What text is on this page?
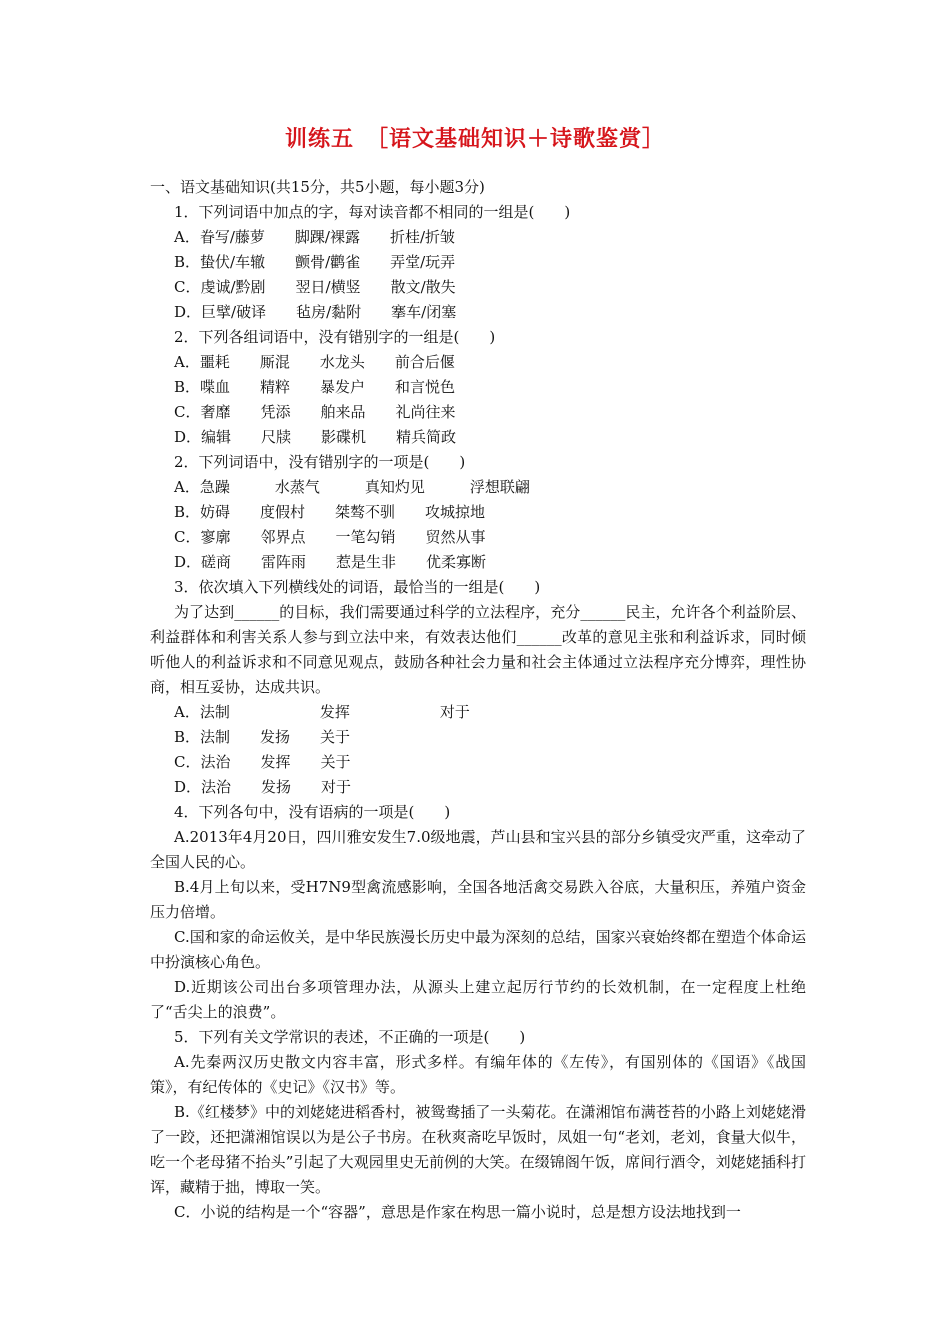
训练五　［语文基础知识＋诗歌鉴赏］
一、语文基础知识(共15分，共5小题，每小题3分)
1．下列词语中加点的字，每对读音都不相同的一组是(　　)
A．眷写/藤萝　　脚踝/裸露　　折桂/折皱
B．蛰伏/车辙　　颤骨/鹳雀　　弄堂/玩弄
C．虔诚/黔剧　　翌日/横竖　　散文/散失
D．巨擘/破译　　毡房/黏附　　搴车/闭塞
2．下列各组词语中，没有错别字的一组是(　　)
A．噩耗　　厮混　　水龙头　　前合后偃
B．喋血　　精粹　　暴发户　　和言悦色
C．奢靡　　凭添　　舶来品　　礼尚往来
D．编辑　　尺牍　　影碟机　　精兵简政
2．下列词语中，没有错别字的一项是(　　)
A．急躁　　　水蒸气　　　真知灼见　　　浮想联翩
B．妨碍　　度假村　　桀骜不驯　　攻城掠地
C．寥廓　　邻界点　　一笔勾销　　贸然从事
D．磋商　　雷阵雨　　惹是生非　　优柔寡断
3．依次填入下列横线处的词语，最恰当的一组是(　　)
为了达到______的目标，我们需要通过科学的立法程序，充分______民主，允许各个利益阶层、利益群体和利害关系人参与到立法中来，有效表达他们______改革的意见主张和利益诉求，同时倾听他人的利益诉求和不同意见观点，鼓励各种社会力量和社会主体通过立法程序充分博弈，理性协商，相互妥协，达成共识。
A．法制　　　　　　发挥　　　　　　对于
B．法制　　发扬　　关于
C．法治　　发挥　　关于
D．法治　　发扬　　对于
4．下列各句中，没有语病的一项是(　　)
A.2013年4月20日，四川雅安发生7.0级地震，芦山县和宝兴县的部分乡镇受灾严重，这牵动了全国人民的心。
B.4月上旬以来，受H7N9型禽流感影响，全国各地活禽交易跌入谷底，大量积压，养殖户资金压力倍增。
C.国和家的命运攸关，是中华民族漫长历史中最为深刻的总结，国家兴衰始终都在塑造个体命运中扮演核心角色。
D.近期该公司出台多项管理办法，从源头上建立起厉行节约的长效机制，在一定程度上杜绝了“舌尖上的浪费”。
5．下列有关文学常识的表述，不正确的一项是(　　)
A.先秦两汉历史散文内容丰富，形式多样。有编年体的《左传》，有国别体的《国语》《战国策》，有纪传体的《史记》《汉书》等。
B.《红楼梦》中的刘姥姥进稻香村，被鸳鸯插了一头菊花。在潇湘馆布满苍苔的小路上刘姥姥滑了一跤，还把潇湘馆误以为是公子书房。在秋爽斋吃早饭时，凤姐一句“老刘，老刘，食量大似牛，吃一个老母猪不抬头”引起了大观园里史无前例的大笑。在缀锦阁午饭，席间行酒令，刘姥姥插科打诨，藏精于拙，博取一笑。
C．小说的结构是一个“容器”，意思是作家在构思一篇小说时，总是想方设法地找到一
